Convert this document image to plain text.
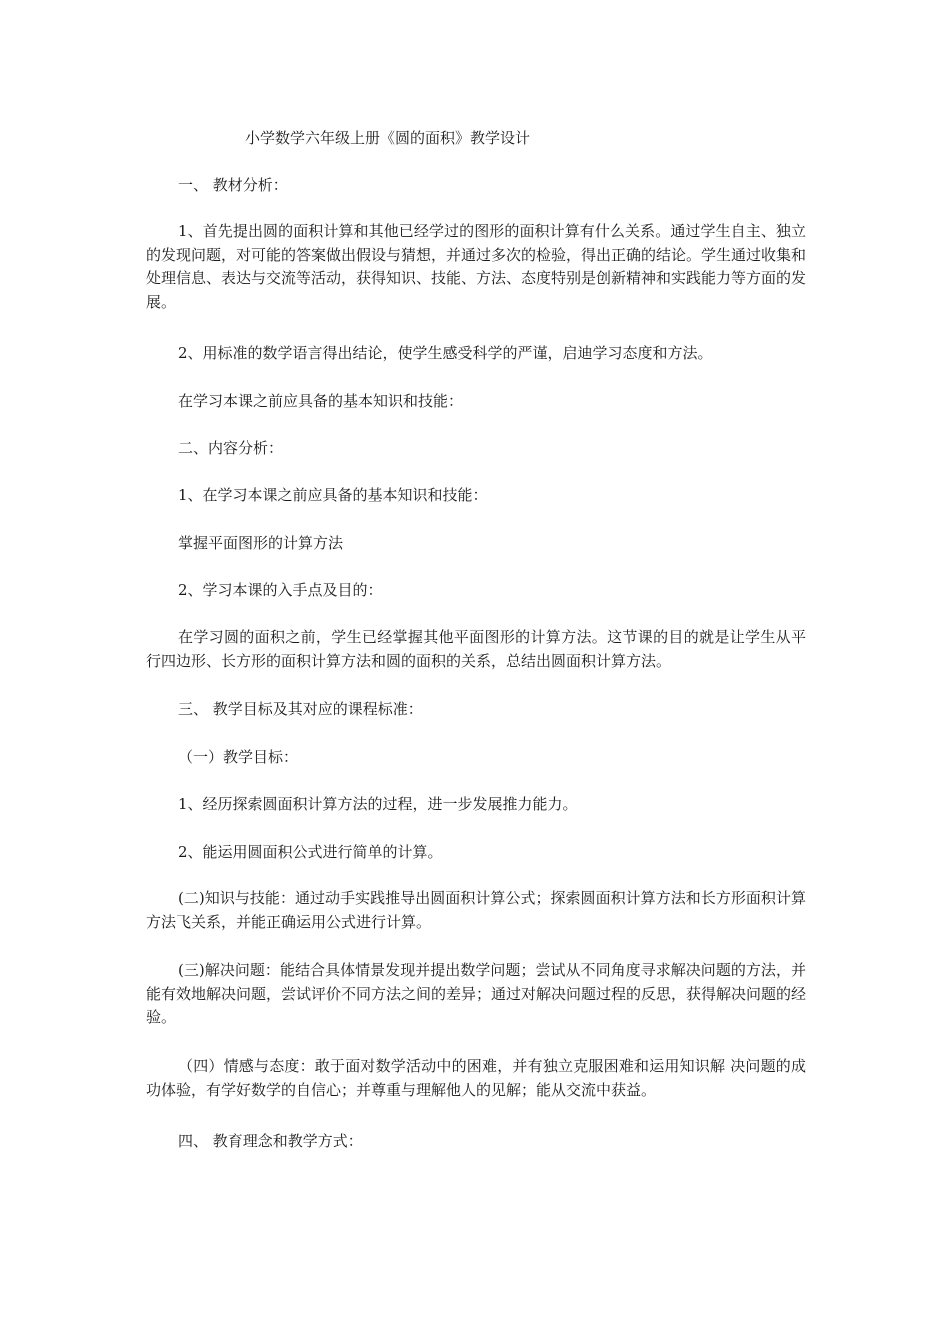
小学数学六年级上册《圆的面积》教学设计

一、 教材分析：

1、首先提出圆的面积计算和其他已经学过的图形的面积计算有什么关系。通过学生自主、独立的发现问题，对可能的答案做出假设与猜想，并通过多次的检验，得出正确的结论。学生通过收集和处理信息、表达与交流等活动，获得知识、技能、方法、态度特别是创新精神和实践能力等方面的发展。

2、用标准的数学语言得出结论，使学生感受科学的严谨，启迪学习态度和方法。

在学习本课之前应具备的基本知识和技能：

二、内容分析：

1、在学习本课之前应具备的基本知识和技能：

掌握平面图形的计算方法

2、学习本课的入手点及目的：

在学习圆的面积之前，学生已经掌握其他平面图形的计算方法。这节课的目的就是让学生从平行四边形、长方形的面积计算方法和圆的面积的关系，总结出圆面积计算方法。

三、 教学目标及其对应的课程标准：

（一）教学目标：

1、经历探索圆面积计算方法的过程，进一步发展推力能力。

2、能运用圆面积公式进行简单的计算。

(二)知识与技能：通过动手实践推导出圆面积计算公式；探索圆面积计算方法和长方形面积计算方法飞关系，并能正确运用公式进行计算。

(三)解决问题：能结合具体情景发现并提出数学问题；尝试从不同角度寻求解决问题的方法，并能有效地解决问题，尝试评价不同方法之间的差异；通过对解决问题过程的反思，获得解决问题的经验。

（四）情感与态度：敢于面对数学活动中的困难，并有独立克服困难和运用知识解 决问题的成功体验，有学好数学的自信心；并尊重与理解他人的见解；能从交流中获益。

四、 教育理念和教学方式：
